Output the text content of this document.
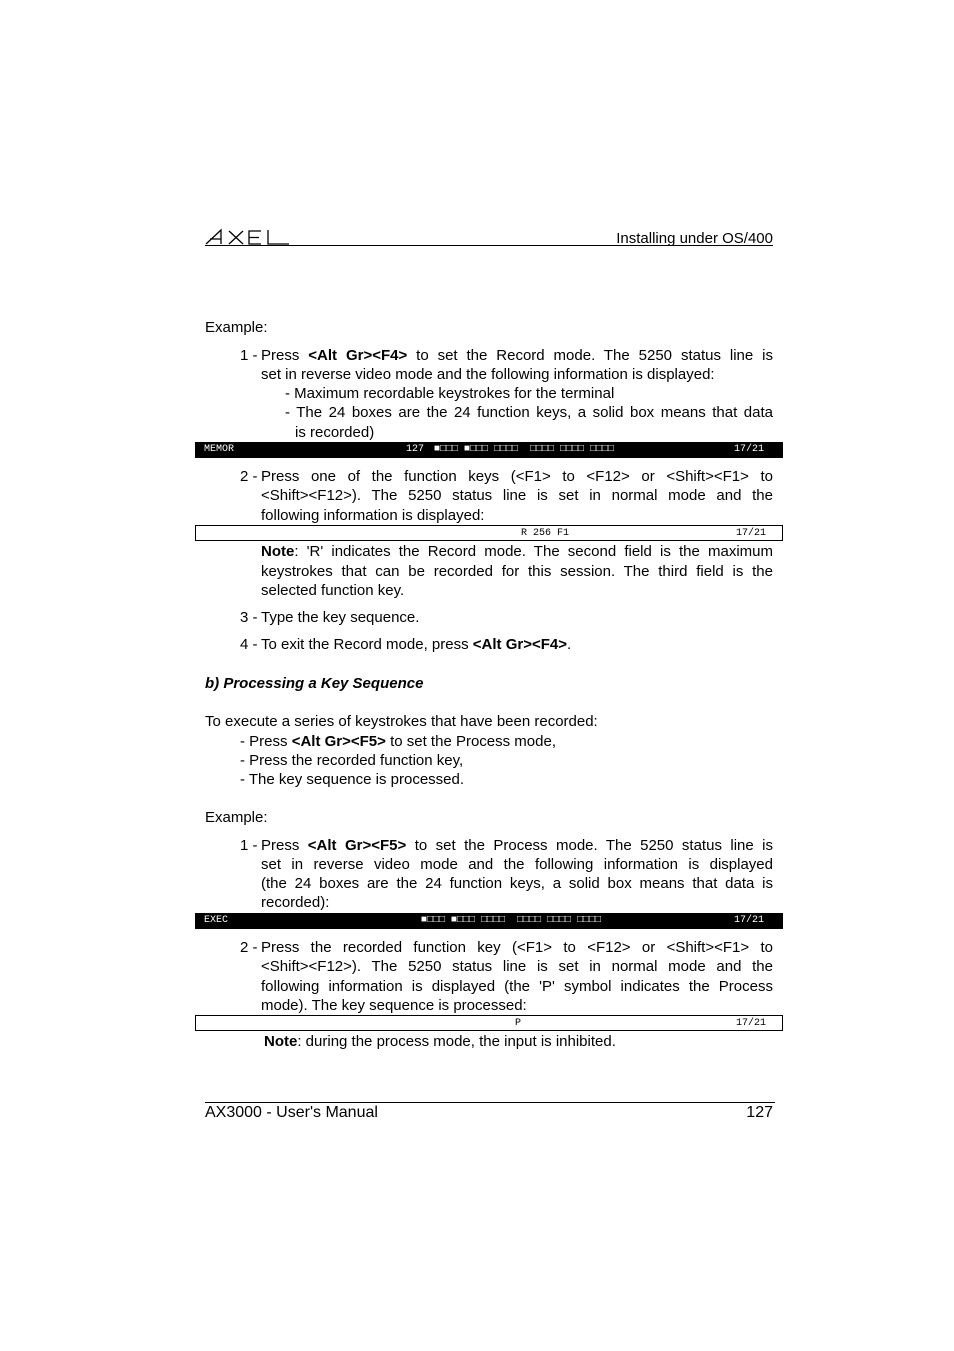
Installing under OS/400
Example:
1 - Press <Alt Gr><F4> to set the Record mode. The 5250 status line is
set in reverse video mode and the following information is displayed:
- Maximum recordable keystrokes for the terminal
- The 24 boxes are the 24 function keys, a solid box means that data
is recorded)
MEMOR	127 ■□□□ ■□□□ □□□□  □□□□ □□□□ □□□□	17/21
2 - Press one of the function keys (<F1> to <F12> or <Shift><F1> to
<Shift><F12>). The 5250 status line is set in normal mode and the
following information is displayed:
R 256 F1	17/21
Note: 'R' indicates the Record mode. The second field is the maximum
keystrokes that can be recorded for this session. The third field is the
selected function key.
3 - Type the key sequence.
4 - To exit the Record mode, press <Alt Gr><F4>.
b) Processing a Key Sequence
To execute a series of keystrokes that have been recorded:
- Press <Alt Gr><F5> to set the Process mode,
- Press the recorded function key,
- The key sequence is processed.
Example:
1 - Press <Alt Gr><F5> to set the Process mode. The 5250 status line is
set in reverse video mode and the following information is displayed
(the 24 boxes are the 24 function keys, a solid box means that data is
recorded):
EXEC	■□□□ ■□□□ □□□□  □□□□ □□□□ □□□□	17/21
2 - Press the recorded function key (<F1> to <F12> or <Shift><F1> to
<Shift><F12>). The 5250 status line is set in normal mode and the
following information is displayed (the 'P' symbol indicates the Process
mode). The key sequence is processed:
P	17/21
Note: during the process mode, the input is inhibited.
AX3000 - User's Manual	127
